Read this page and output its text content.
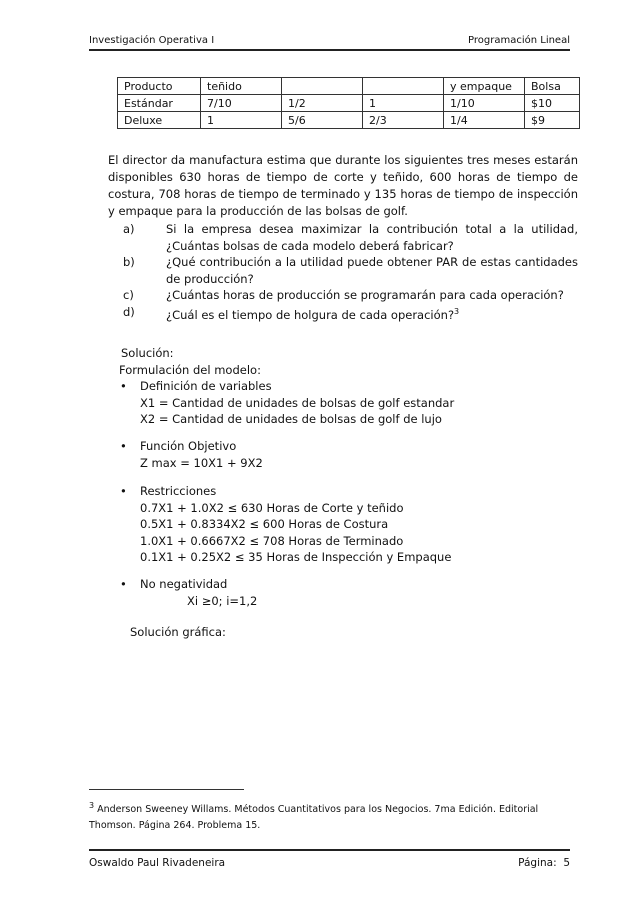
Investigación Operativa I	Programación Lineal
Producto	teñido			y empaque	Bolsa
Estándar	7/10	1/2	1	1/10	$10
Deluxe	1	5/6	2/3	1/4	$9
El director da manufactura estima que durante los siguientes tres meses estarán disponibles 630 horas de tiempo de corte y teñido, 600 horas de tiempo de costura, 708 horas de tiempo de terminado y 135 horas de tiempo de inspección y empaque para la producción de las bolsas de golf.
a)	Si la empresa desea maximizar la contribución total a la utilidad,¿Cuántas bolsas de cada modelo deberá fabricar?
b)	¿Qué contribución a la utilidad puede obtener PAR de estas cantidades de producción?
c)	¿Cuántas horas de producción se programarán para cada operación?
d)	¿Cuál es el tiempo de holgura de cada operación?$^3$
Solución:
Formulación del modelo:
• Definición de variables
X1 = Cantidad de unidades de bolsas de golf estandar
X2 = Cantidad de unidades de bolsas de golf de lujo
• Función Objetivo
Z max = 10X1 + 9X2
• Restricciones
0.7X1 + 1.0X2 ≤ 630 Horas de Corte y teñido
0.5X1 + 0.8334X2 ≤ 600 Horas de Costura
1.0X1 + 0.6667X2 ≤ 708 Horas de Terminado
0.1X1 + 0.25X2 ≤ 35 Horas de Inspección y Empaque
• No negatividad
Xi ≥0; i=1,2
Solución gráfica:
$^3$ Anderson Sweeney Willams. Métodos Cuantitativos para los Negocios. 7ma Edición. Editorial Thomson. Página 264. Problema 15.
Oswaldo Paul Rivadeneira	Página: 5
